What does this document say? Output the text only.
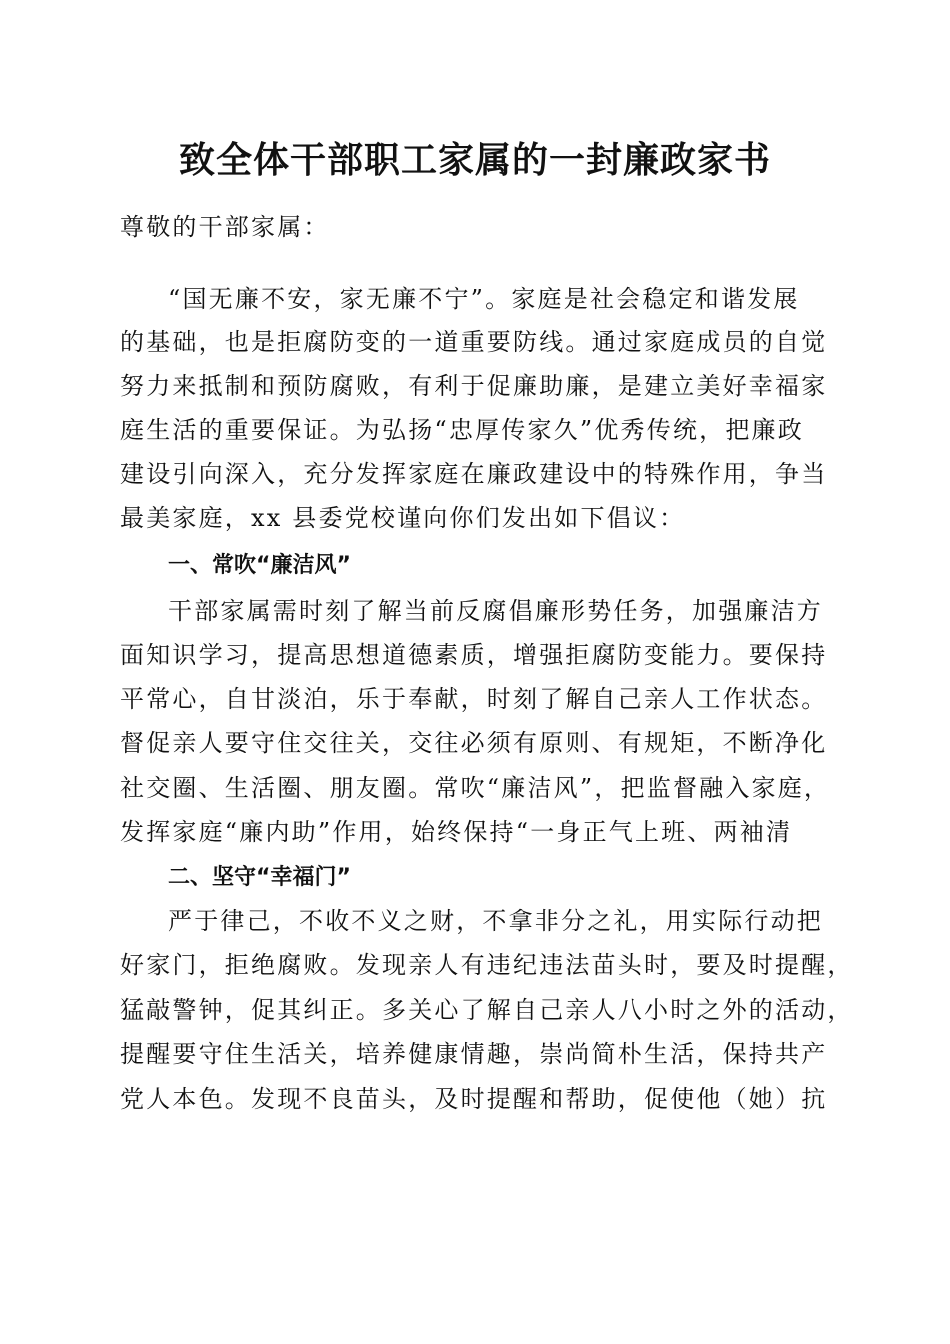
致全体干部职工家属的一封廉政家书

尊敬的干部家属：

“国无廉不安，家无廉不宁”。家庭是社会稳定和谐发展

的基础，也是拒腐防变的一道重要防线。通过家庭成员的自觉

努力来抵制和预防腐败，有利于促廉助廉，是建立美好幸福家

庭生活的重要保证。为弘扬“忠厚传家久”优秀传统，把廉政

建设引向深入，充分发挥家庭在廉政建设中的特殊作用，争当

最美家庭，xx 县委党校谨向你们发出如下倡议：

一、常吹“廉洁风”

干部家属需时刻了解当前反腐倡廉形势任务，加强廉洁方

面知识学习，提高思想道德素质，增强拒腐防变能力。要保持

平常心，自甘淡泊，乐于奉献，时刻了解自己亲人工作状态。

督促亲人要守住交往关，交往必须有原则、有规矩，不断净化

社交圈、生活圈、朋友圈。常吹“廉洁风”，把监督融入家庭，

发挥家庭“廉内助”作用，始终保持“一身正气上班、两袖清

二、坚守“幸福门”

严于律己，不收不义之财，不拿非分之礼，用实际行动把

好家门，拒绝腐败。发现亲人有违纪违法苗头时，要及时提醒，

猛敲警钟，促其纠正。多关心了解自己亲人八小时之外的活动，

提醒要守住生活关，培养健康情趣，崇尚简朴生活，保持共产

党人本色。发现不良苗头，及时提醒和帮助，促使他（她）抗
